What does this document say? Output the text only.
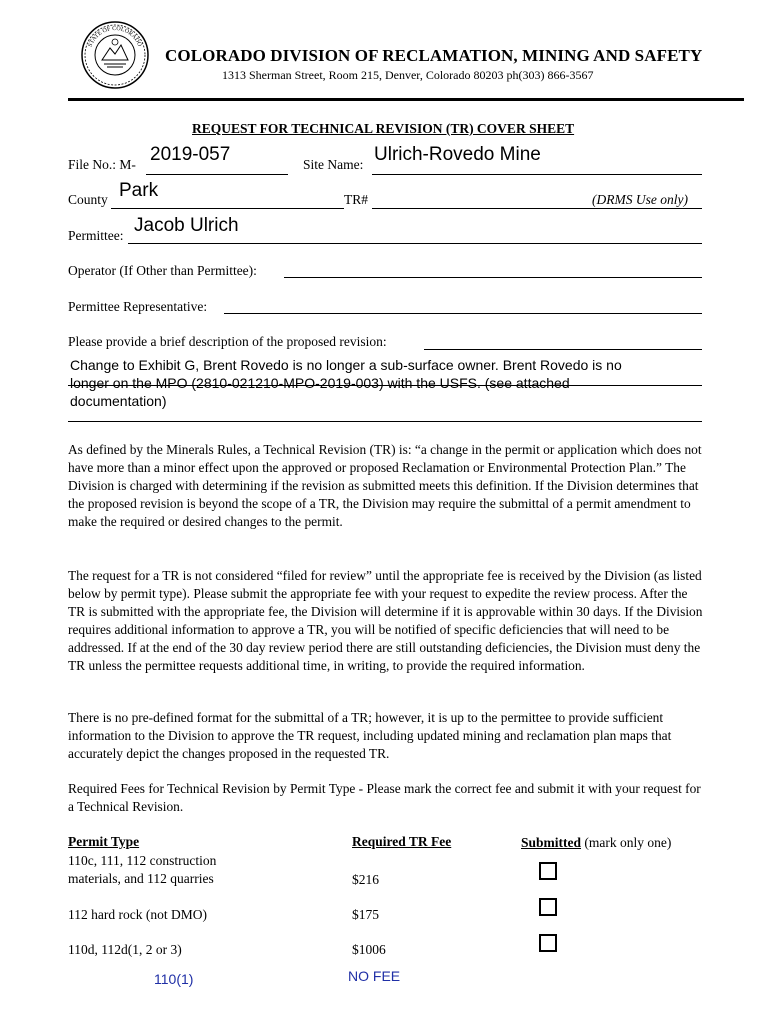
STATE OF COLORADO
COLORADO DIVISION OF RECLAMATION, MINING AND SAFETY
1313 Sherman Street, Room 215, Denver, Colorado 80203 ph(303) 866-3567
REQUEST FOR TECHNICAL REVISION (TR) COVER SHEET
File No.: M- 2019-057	Site Name: Ulrich-Rovedo Mine
County Park	TR#	(DRMS Use only)
Permittee: Jacob Ulrich
Operator (If Other than Permittee):
Permittee Representative:
Please provide a brief description of the proposed revision:
Change to Exhibit G, Brent Rovedo is no longer a sub-surface owner. Brent Rovedo is no
longer on the MPO (2810-021210-MPO-2019-003) with the USFS. (see attached
documentation)
As defined by the Minerals Rules, a Technical Revision (TR) is: “a change in the permit or application which does not have more than a minor effect upon the approved or proposed Reclamation or Environmental Protection Plan.” The Division is charged with determining if the revision as submitted meets this definition. If the Division determines that the proposed revision is beyond the scope of a TR, the Division may require the submittal of a permit amendment to make the required or desired changes to the permit.
The request for a TR is not considered “filed for review” until the appropriate fee is received by the Division (as listed below by permit type). Please submit the appropriate fee with your request to expedite the review process. After the TR is submitted with the appropriate fee, the Division will determine if it is approvable within 30 days. If the Division requires additional information to approve a TR, you will be notified of specific deficiencies that will need to be addressed. If at the end of the 30 day review period there are still outstanding deficiencies, the Division must deny the TR unless the permittee requests additional time, in writing, to provide the required information.
There is no pre-defined format for the submittal of a TR; however, it is up to the permittee to provide sufficient information to the Division to approve the TR request, including updated mining and reclamation plan maps that accurately depict the changes proposed in the requested TR.
Required Fees for Technical Revision by Permit Type - Please mark the correct fee and submit it with your request for a Technical Revision.
Permit Type	Required TR Fee	Submitted (mark only one)
110c, 111, 112 construction
materials, and 112 quarries	$216
112 hard rock (not DMO)	$175
110d, 112d(1, 2 or 3)	$1006
110(1)	NO FEE
